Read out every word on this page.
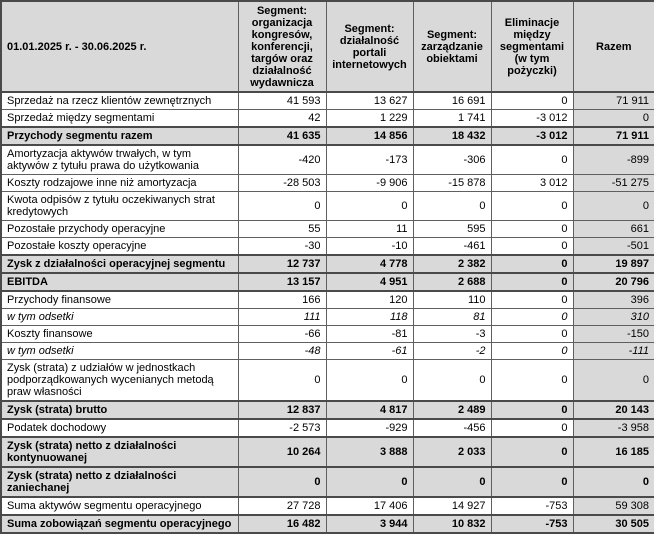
01.01.2025 r. - 30.06.2025 r.	Segment: organizacja kongresów, konferencji, targów oraz działalność wydawnicza	Segment: działalność portali internetowych	Segment: zarządzanie obiektami	Eliminacje między segmentami (w tym pożyczki)	Razem
Sprzedaż na rzecz klientów zewnętrznych	41 593	13 627	16 691	0	71 911
Sprzedaż między segmentami	42	1 229	1 741	-3 012	0
Przychody segmentu razem	41 635	14 856	18 432	-3 012	71 911
Amortyzacja aktywów trwałych, w tym aktywów z tytułu prawa do użytkowania	-420	-173	-306	0	-899
Koszty rodzajowe inne niż amortyzacja	-28 503	-9 906	-15 878	3 012	-51 275
Kwota odpisów z tytułu oczekiwanych strat kredytowych	0	0	0	0	0
Pozostałe przychody operacyjne	55	11	595	0	661
Pozostałe koszty operacyjne	-30	-10	-461	0	-501
Zysk z działalności operacyjnej segmentu	12 737	4 778	2 382	0	19 897
EBITDA	13 157	4 951	2 688	0	20 796
Przychody finansowe	166	120	110	0	396
w tym odsetki	111	118	81	0	310
Koszty finansowe	-66	-81	-3	0	-150
w tym odsetki	-48	-61	-2	0	-111
Zysk (strata) z udziałów w jednostkach podporządkowanych wycenianych metodą praw własności	0	0	0	0	0
Zysk (strata) brutto	12 837	4 817	2 489	0	20 143
Podatek dochodowy	-2 573	-929	-456	0	-3 958
Zysk (strata) netto z działalności kontynuowanej	10 264	3 888	2 033	0	16 185
Zysk (strata) netto z działalności zaniechanej	0	0	0	0	0
Suma aktywów segmentu operacyjnego	27 728	17 406	14 927	-753	59 308
Suma zobowiązań segmentu operacyjnego	16 482	3 944	10 832	-753	30 505
